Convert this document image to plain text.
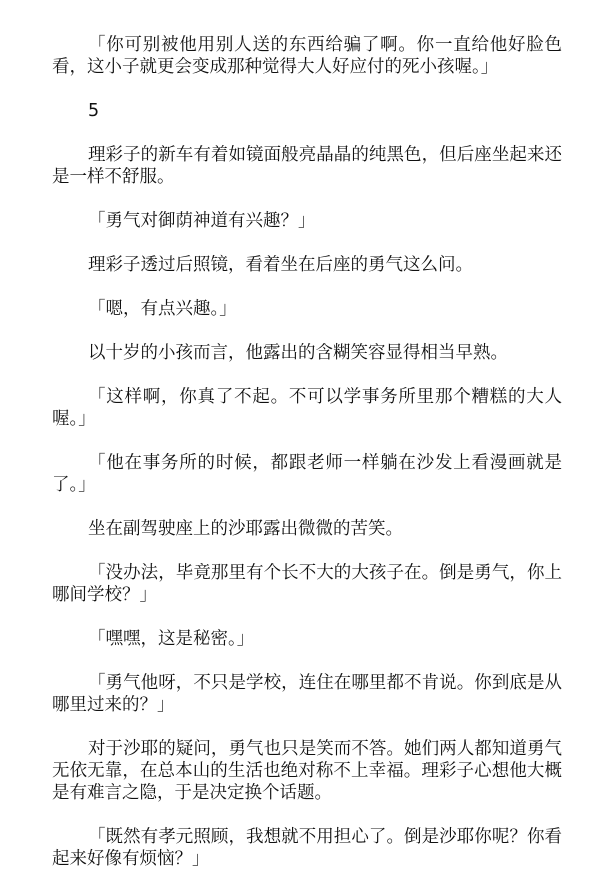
「你可别被他用别人送的东西给骗了啊。你一直给他好脸色看，这小子就更会变成那种觉得大人好应付的死小孩喔。」

5

理彩子的新车有着如镜面般亮晶晶的纯黑色，但后座坐起来还是一样不舒服。

「勇气对御荫神道有兴趣？」

理彩子透过后照镜，看着坐在后座的勇气这么问。

「嗯，有点兴趣。」

以十岁的小孩而言，他露出的含糊笑容显得相当早熟。

「这样啊，你真了不起。不可以学事务所里那个糟糕的大人喔。」

「他在事务所的时候，都跟老师一样躺在沙发上看漫画就是了。」

坐在副驾驶座上的沙耶露出微微的苦笑。

「没办法，毕竟那里有个长不大的大孩子在。倒是勇气，你上哪间学校？」

「嘿嘿，这是秘密。」

「勇气他呀，不只是学校，连住在哪里都不肯说。你到底是从哪里过来的？」

对于沙耶的疑问，勇气也只是笑而不答。她们两人都知道勇气无依无靠，在总本山的生活也绝对称不上幸福。理彩子心想他大概是有难言之隐，于是决定换个话题。

「既然有孝元照顾，我想就不用担心了。倒是沙耶你呢？你看起来好像有烦恼？」
